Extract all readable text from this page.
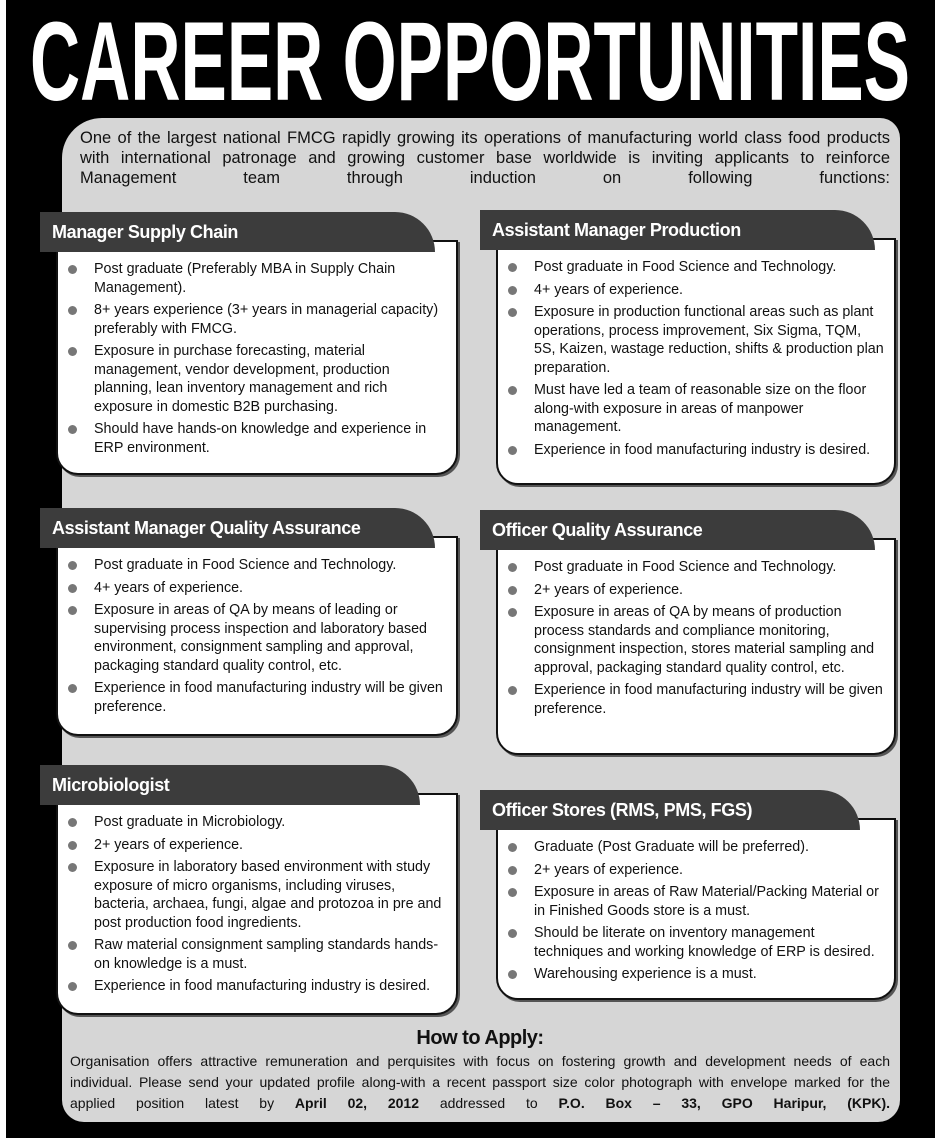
CAREER OPPORTUNITIES
One of the largest national FMCG rapidly growing its operations of manufacturing world class food products with international patronage and growing customer base worldwide is inviting applicants to reinforce Management team through induction on following functions:
Post graduate (Preferably MBA in Supply Chain Management).
8+ years experience (3+ years in managerial capacity) preferably with FMCG.
Exposure in purchase forecasting, material management, vendor development, production planning, lean inventory management and rich exposure in domestic B2B purchasing.
Should have hands-on knowledge and experience in ERP environment.
Manager Supply Chain
Post graduate in Food Science and Technology.
4+ years of experience.
Exposure in production functional areas such as plant operations, process improvement, Six Sigma, TQM, 5S, Kaizen, wastage reduction, shifts & production plan preparation.
Must have led a team of reasonable size on the floor along-with exposure in areas of manpower management.
Experience in food manufacturing industry is desired.
Assistant Manager Production
Post graduate in Food Science and Technology.
4+ years of experience.
Exposure in areas of QA by means of leading or supervising process inspection and laboratory based environment, consignment sampling and approval, packaging standard quality control, etc.
Experience in food manufacturing industry will be given preference.
Assistant Manager Quality Assurance
Post graduate in Food Science and Technology.
2+ years of experience.
Exposure in areas of QA by means of production process standards and compliance monitoring, consignment inspection, stores material sampling and approval, packaging standard quality control, etc.
Experience in food manufacturing industry will be given preference.
Officer Quality Assurance
Post graduate in Microbiology.
2+ years of experience.
Exposure in laboratory based environment with study exposure of micro organisms, including viruses, bacteria, archaea, fungi, algae and protozoa in pre and post production food ingredients.
Raw material consignment sampling standards hands-on knowledge is a must.
Experience in food manufacturing industry is desired.
Microbiologist
Graduate (Post Graduate will be preferred).
2+ years of experience.
Exposure in areas of Raw Material/Packing Material or in Finished Goods store is a must.
Should be literate on inventory management techniques and working knowledge of ERP is desired.
Warehousing experience is a must.
Officer Stores (RMS, PMS, FGS)
How to Apply:

Organisation offers attractive remuneration and perquisites with focus on fostering growth and development needs of each individual. Please send your updated profile along-with a recent passport size color photograph with envelope marked for the applied position latest by April 02, 2012 addressed to P.O. Box – 33, GPO Haripur, (KPK).
